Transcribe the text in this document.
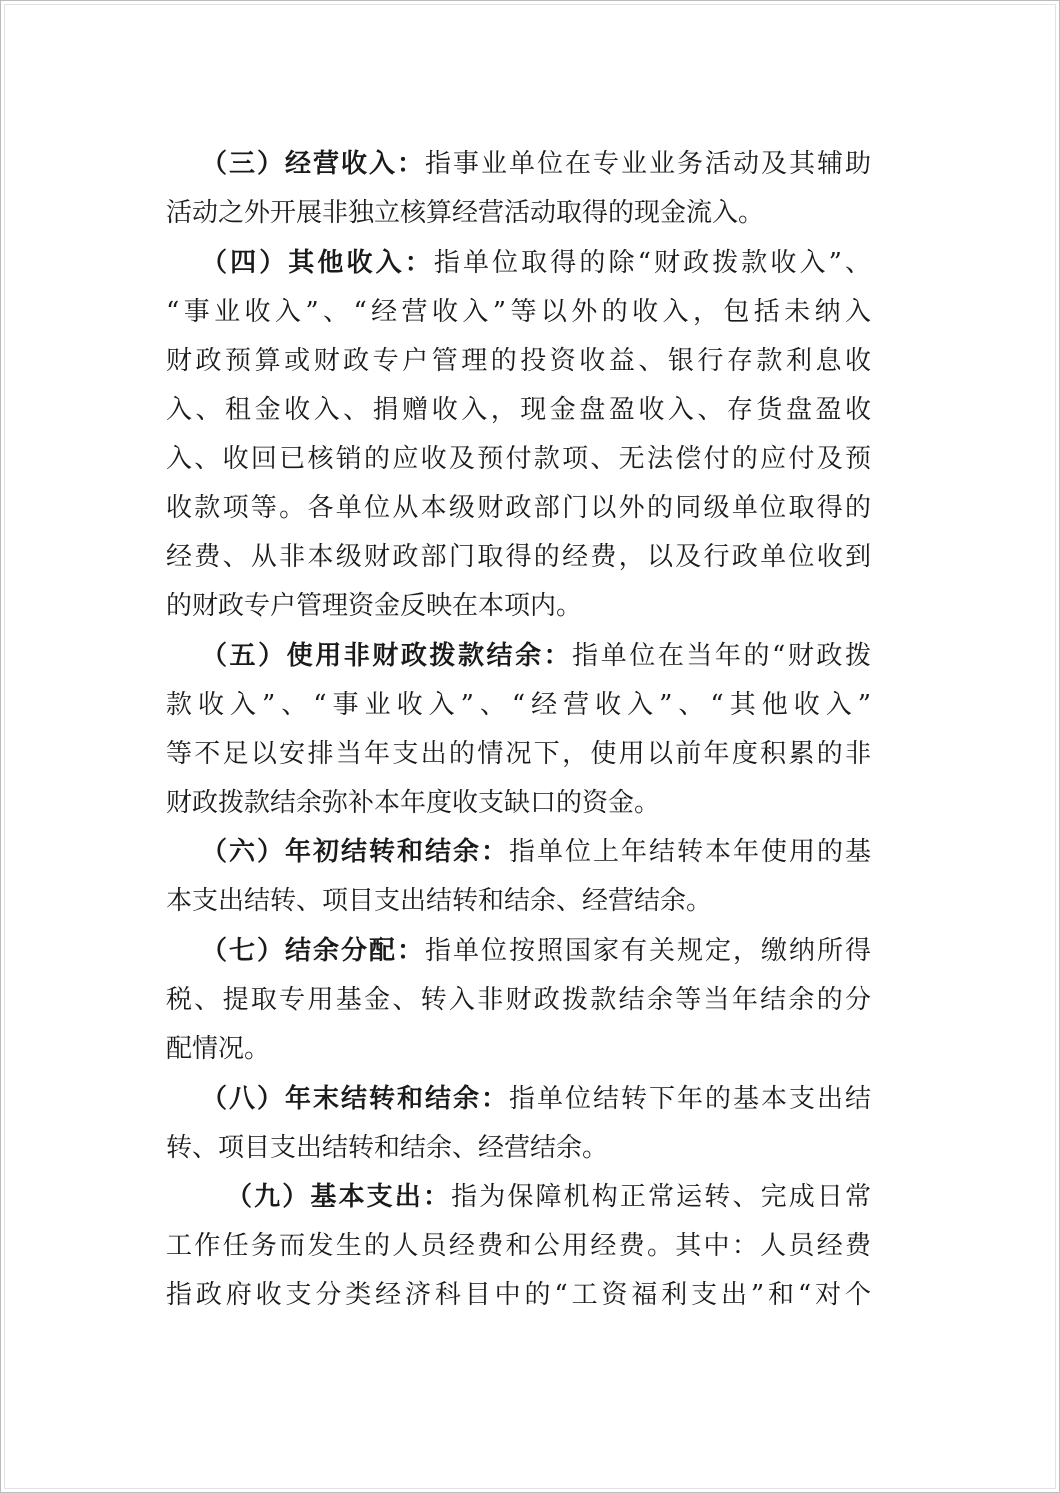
（三）经营收入：指事业单位在专业业务活动及其辅助
活动之外开展非独立核算经营活动取得的现金流入。
（四）其他收入：指单位取得的除“财政拨款收入”、
“事业收入”、“经营收入”等以外的收入，包括未纳入
财政预算或财政专户管理的投资收益、银行存款利息收
入、租金收入、捐赠收入，现金盘盈收入、存货盘盈收
入、收回已核销的应收及预付款项、无法偿付的应付及预
收款项等。各单位从本级财政部门以外的同级单位取得的
经费、从非本级财政部门取得的经费，以及行政单位收到
的财政专户管理资金反映在本项内。
（五）使用非财政拨款结余：指单位在当年的“财政拨
款收入”、“事业收入”、“经营收入”、“其他收入”
等不足以安排当年支出的情况下，使用以前年度积累的非
财政拨款结余弥补本年度收支缺口的资金。
（六）年初结转和结余：指单位上年结转本年使用的基
本支出结转、项目支出结转和结余、经营结余。
（七）结余分配：指单位按照国家有关规定，缴纳所得
税、提取专用基金、转入非财政拨款结余等当年结余的分
配情况。
（八）年末结转和结余：指单位结转下年的基本支出结
转、项目支出结转和结余、经营结余。
（九）基本支出：指为保障机构正常运转、完成日常
工作任务而发生的人员经费和公用经费。其中：人员经费
指政府收支分类经济科目中的“工资福利支出”和“对个
